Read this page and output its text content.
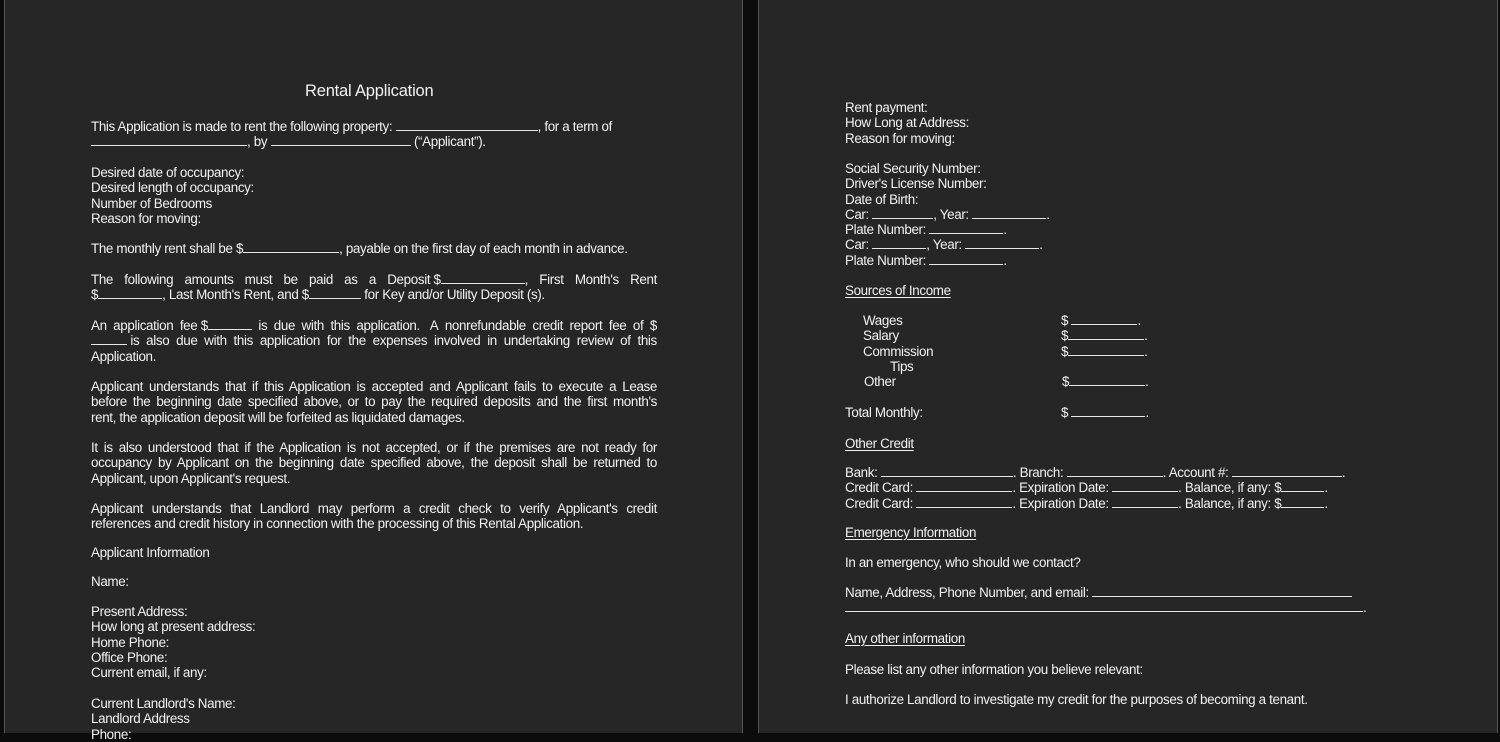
Rental Application
This Application is made to rent the following property:	, for a term of
, by	(“Applicant”).
Desired date of occupancy:
Desired length of occupancy:
Number of Bedrooms
Reason for moving:
The monthly rent shall be $	, payable on the first day of each month in advance.
The following amounts must be paid as a Deposit $	, First Month's Rent
$	, Last Month's Rent, and $	for Key and/or Utility Deposit (s).
An application fee $	is due with this application. A nonrefundable credit report fee of $
is also due with this application for the expenses involved in undertaking review of this
Application.
Applicant understands that if this Application is accepted and Applicant fails to execute a Lease
before the beginning date specified above, or to pay the required deposits and the first month's
rent, the application deposit will be forfeited as liquidated damages.
It is also understood that if the Application is not accepted, or if the premises are not ready for
occupancy by Applicant on the beginning date specified above, the deposit shall be returned to
Applicant, upon Applicant's request.
Applicant understands that Landlord may perform a credit check to verify Applicant's credit
references and credit history in connection with the processing of this Rental Application.
Applicant Information
Name:
Present Address:
How long at present address:
Home Phone:
Office Phone:
Current email, if any:
Current Landlord's Name:
Landlord Address
Phone:
Rent payment:
How Long at Address:
Reason for moving:
Social Security Number:
Driver's License Number:
Date of Birth:
Car:	, Year:	.
Plate Number:	.
Car:	, Year:	.
Plate Number:	.
Sources of Income
Wages	$	.
Salary	$	.
Commission	$	.
Tips
Other	$	.
Total Monthly:	$	.
Other Credit
Bank:	. Branch:	. Account #:	.
Credit Card:	. Expiration Date:	. Balance, if any: $	.
Credit Card:	. Expiration Date:	. Balance, if any: $	.
Emergency Information
In an emergency, who should we contact?
Name, Address, Phone Number, and email:
.
Any other information
Please list any other information you believe relevant:
I authorize Landlord to investigate my credit for the purposes of becoming a tenant.
